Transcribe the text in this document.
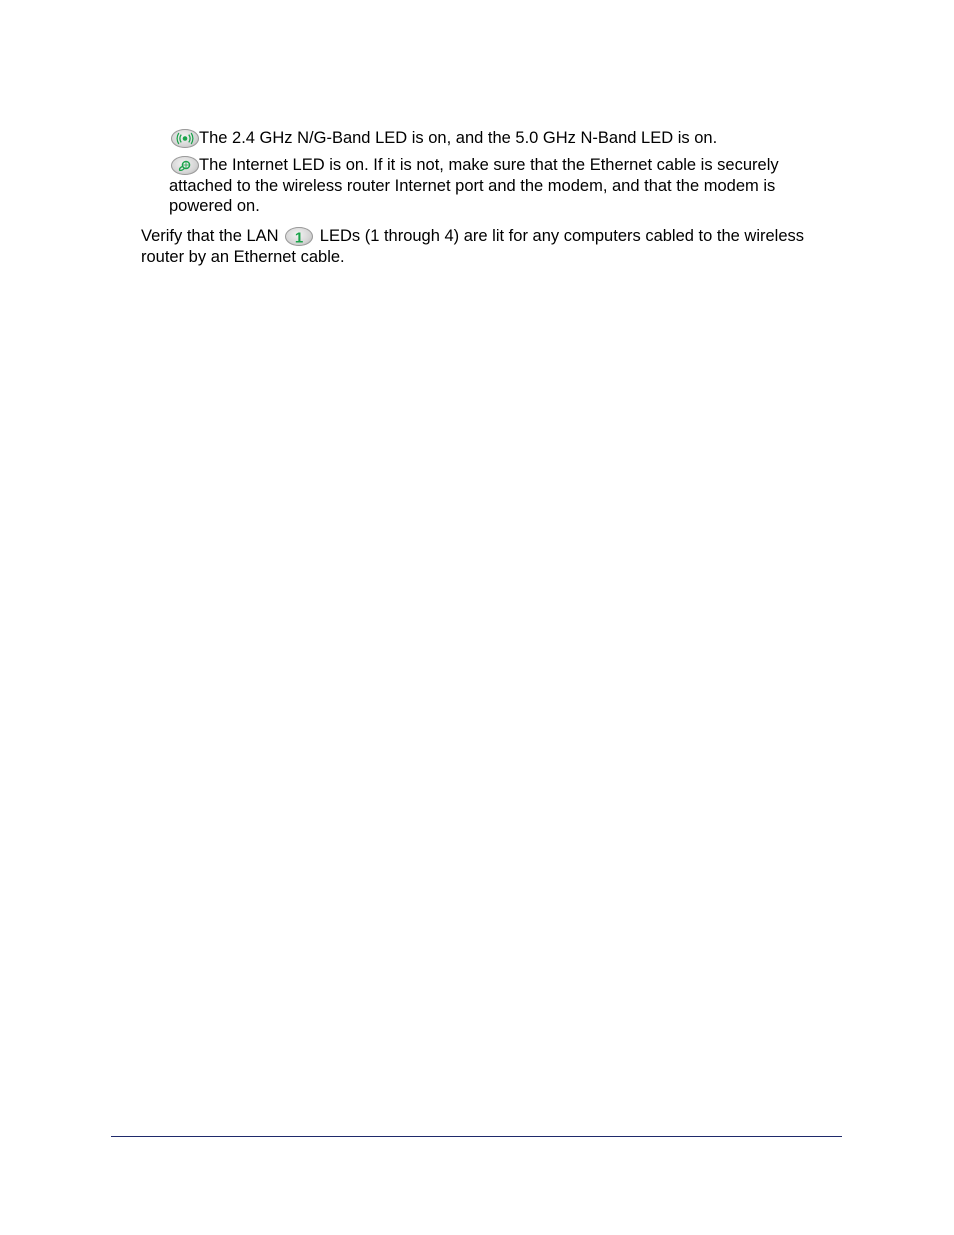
The 2.4 GHz N/G-Band LED is on, and the 5.0 GHz N-Band LED is on.
The Internet LED is on. If it is not, make sure that the Ethernet cable is securely
attached to the wireless router Internet port and the modem, and that the modem is
powered on.
Verify that the LAN 1 LEDs (1 through 4) are lit for any computers cabled to the wireless
router by an Ethernet cable.
